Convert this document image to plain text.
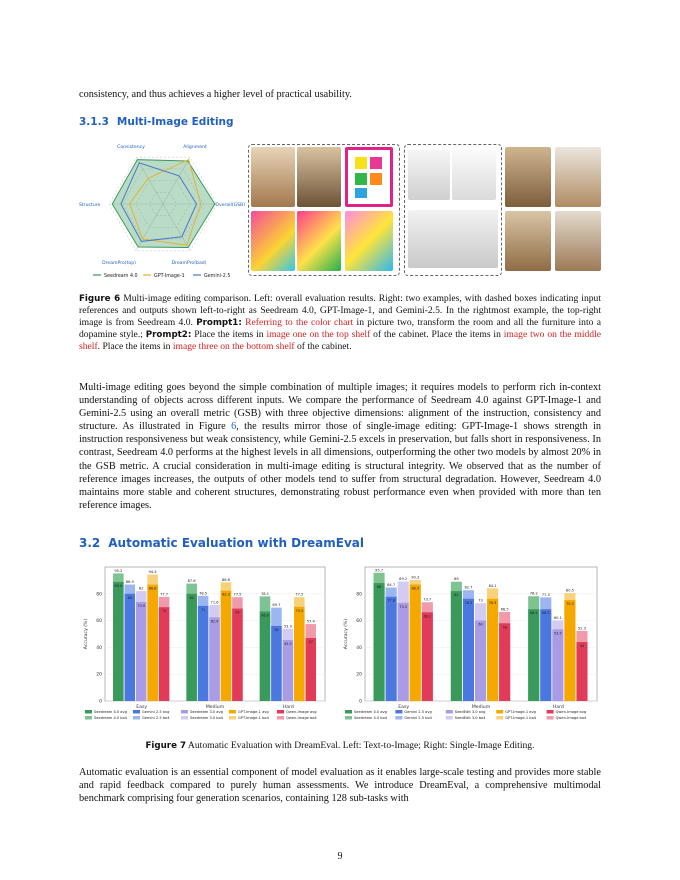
consistency, and thus achieves a higher level of practical usability.

3.1.3 Multi-Image Editing
Consistency	Alignment
Overall(GSB)
DreamPro(bad)
DreamPro(top)
Structure
Seedream 4.0	GPT-Image-1	Gemini-2.5

Figure 6 Multi-image editing comparison. Left: overall evaluation results. Right: two examples, with dashed boxes indicating input references and outputs shown left-to-right as Seedream 4.0, GPT-Image-1, and Gemini-2.5. In the rightmost example, the top-right image is from Seedream 4.0. Prompt1: Referring to the color chart in picture two, transform the room and all the furniture into a dopamine style.; Prompt2: Place the items in image one on the top shelf of the cabinet. Place the items in image two on the middle shelf. Place the items in image three on the bottom shelf of the cabinet.

Multi-image editing goes beyond the simple combination of multiple images; it requires models to perform rich in-context understanding of objects across different inputs. We compare the performance of Seedream 4.0 against GPT-Image-1 and Gemini-2.5 using an overall metric (GSB) with three objective dimensions: alignment of the instruction, consistency and structure. As illustrated in Figure 6, the results mirror those of single-image editing: GPT-Image-1 shows strength in instruction responsiveness but weak consistency, while Gemini-2.5 excels in preservation, but falls short in responsiveness. In contrast, Seedream 4.0 performs at the highest levels in all dimensions, outperforming the other two models by almost 20% in the GSB metric. A crucial consideration in multi-image editing is structural integrity. We observed that as the number of reference images increases, the outputs of other models tend to suffer from structural degradation. However, Seedream 4.0 maintains more stable and coherent structures, demonstrating robust performance even when provided with more than ten reference images.

3.2 Automatic Evaluation with DreamEval
0
20
40
60
80
Accuracy (%)
95.2
88.9
86.9
80
82
73.9
94.4
86.8
77.7
70
Easy
87.6
80
78.5
71
71.6
62.4
88.6
82.3 77.5
69
Medium
78.1
66.8
69.7
56
53.9
45.5
77.5
70.3
57.4
47
Hard
Seedream 4.0 avg
Seedream 4.0 bo4
Gemini 2.5 avg
Gemini 2.5 bo4
Seedream 3.0 avg
Seedream 3.0 bo4
GPT-Image-1 avg
GPT-Image-1 bo4
Qwen-Image avg
Qwen-Image bo4
0
20
40
60
80
Accuracy (%)
95.7
88
84.7
77.8
89.2
73.3
90.3
86.9
73.7
66.2
Easy
89
82
82.7
76.3
73
60
84.1
76.3
66.5
58
Medium
78.2
68.5
77.3
68.5
60.1
53.5
80.5
75.3
52.3
44
Hard
Seedream 4.0 avg
Seedream 4.0 bo4
Gemini 2.5 avg
Gemini 2.5 bo4
SeedEdit 3.0 avg
SeedEdit 3.0 bo4
GPT-Image-1 avg
GPT-Image-1 bo4
Qwen-Image avg
Qwen-Image bo4

Figure 7 Automatic Evaluation with DreamEval. Left: Text-to-Image; Right: Single-Image Editing.

Automatic evaluation is an essential component of model evaluation as it enables large-scale testing and provides more stable and rapid feedback compared to purely human assessments. We introduce DreamEval, a comprehensive multimodal benchmark comprising four generation scenarios, containing 128 sub-tasks with

9
